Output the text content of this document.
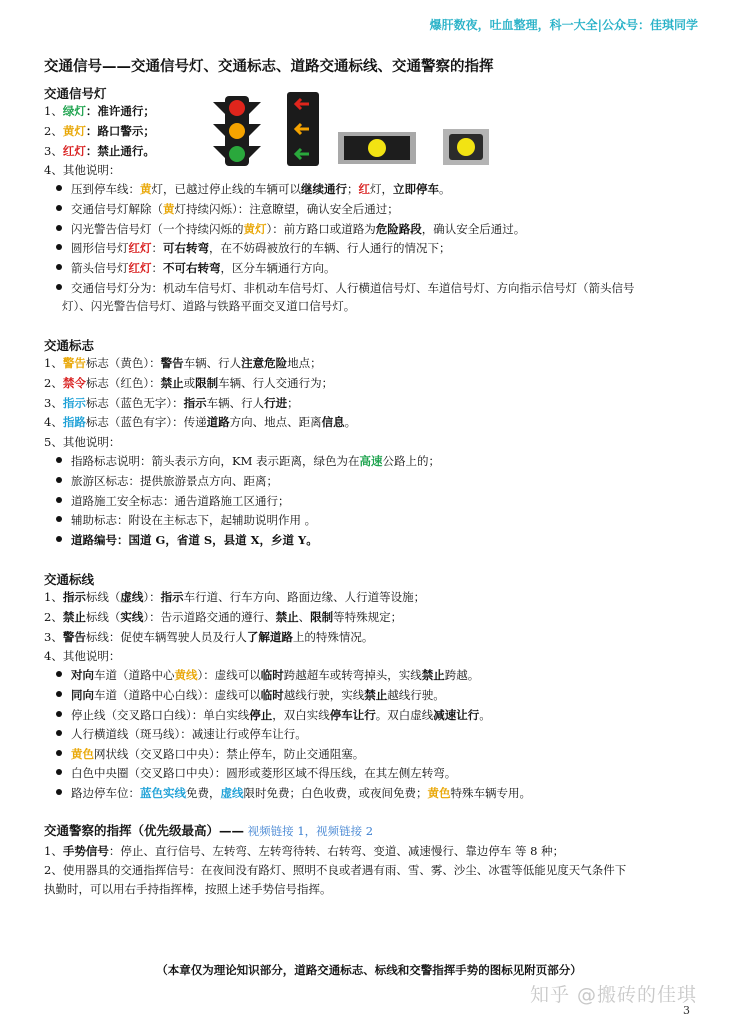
爆肝数夜，吐血整理，科一大全|公众号：佳琪同学
交通信号——交通信号灯、交通标志、道路交通标线、交通警察的指挥
交通信号灯
1、绿灯：准许通行；
2、黄灯：路口警示；
3、红灯：禁止通行。
4、其他说明：
压到停车线：黄灯，已越过停止线的车辆可以继续通行；红灯，立即停车。
交通信号灯解除（黄灯持续闪烁）：注意瞭望，确认安全后通过；
闪光警告信号灯（一个持续闪烁的黄灯）：前方路口或道路为危险路段，确认安全后通过。
圆形信号灯红灯：可右转弯，在不妨碍被放行的车辆、行人通行的情况下；
箭头信号灯红灯：不可右转弯，区分车辆通行方向。
交通信号灯分为：机动车信号灯、非机动车信号灯、人行横道信号灯、车道信号灯、方向指示信号灯（箭头信号
灯）、闪光警告信号灯、道路与铁路平面交叉道口信号灯。
交通标志
1、警告标志（黄色）：警告车辆、行人注意危险地点；
2、禁令标志（红色）：禁止或限制车辆、行人交通行为；
3、指示标志（蓝色无字）：指示车辆、行人行进；
4、指路标志（蓝色有字）：传递道路方向、地点、距离信息。
5、其他说明：
指路标志说明：箭头表示方向，KM 表示距离，绿色为在高速公路上的；
旅游区标志：提供旅游景点方向、距离；
道路施工安全标志：通告道路施工区通行；
辅助标志：附设在主标志下，起辅助说明作用 。
道路编号：国道 G，省道 S，县道 X，乡道 Y。
交通标线
1、指示标线（虚线）：指示车行道、行车方向、路面边缘、人行道等设施；
2、禁止标线（实线）：告示道路交通的遵行、禁止、限制等特殊规定；
3、警告标线：促使车辆驾驶人员及行人了解道路上的特殊情况。
4、其他说明：
对向车道（道路中心黄线）：虚线可以临时跨越超车或转弯掉头，实线禁止跨越。
同向车道（道路中心白线）：虚线可以临时越线行驶，实线禁止越线行驶。
停止线（交叉路口白线）：单白实线停止，双白实线停车让行。双白虚线减速让行。
人行横道线（斑马线）：减速让行或停车让行。
黄色网状线（交叉路口中央）：禁止停车，防止交通阻塞。
白色中央圈（交叉路口中央）：圆形或菱形区域不得压线，在其左侧左转弯。
路边停车位：蓝色实线免费，虚线限时免费；白色收费，或夜间免费；黄色特殊车辆专用。
交通警察的指挥（优先级最高）—— 视频链接 1，视频链接 2
1、手势信号：停止、直行信号、左转弯、左转弯待转、右转弯、变道、减速慢行、靠边停车 等 8 种；
2、使用器具的交通指挥信号：在夜间没有路灯、照明不良或者遇有雨、雪、雾、沙尘、冰雹等低能见度天气条件下
执勤时，可以用右手持指挥棒，按照上述手势信号指挥。
（本章仅为理论知识部分，道路交通标志、标线和交警指挥手势的图标见附页部分）
知乎 @搬砖的佳琪
3
